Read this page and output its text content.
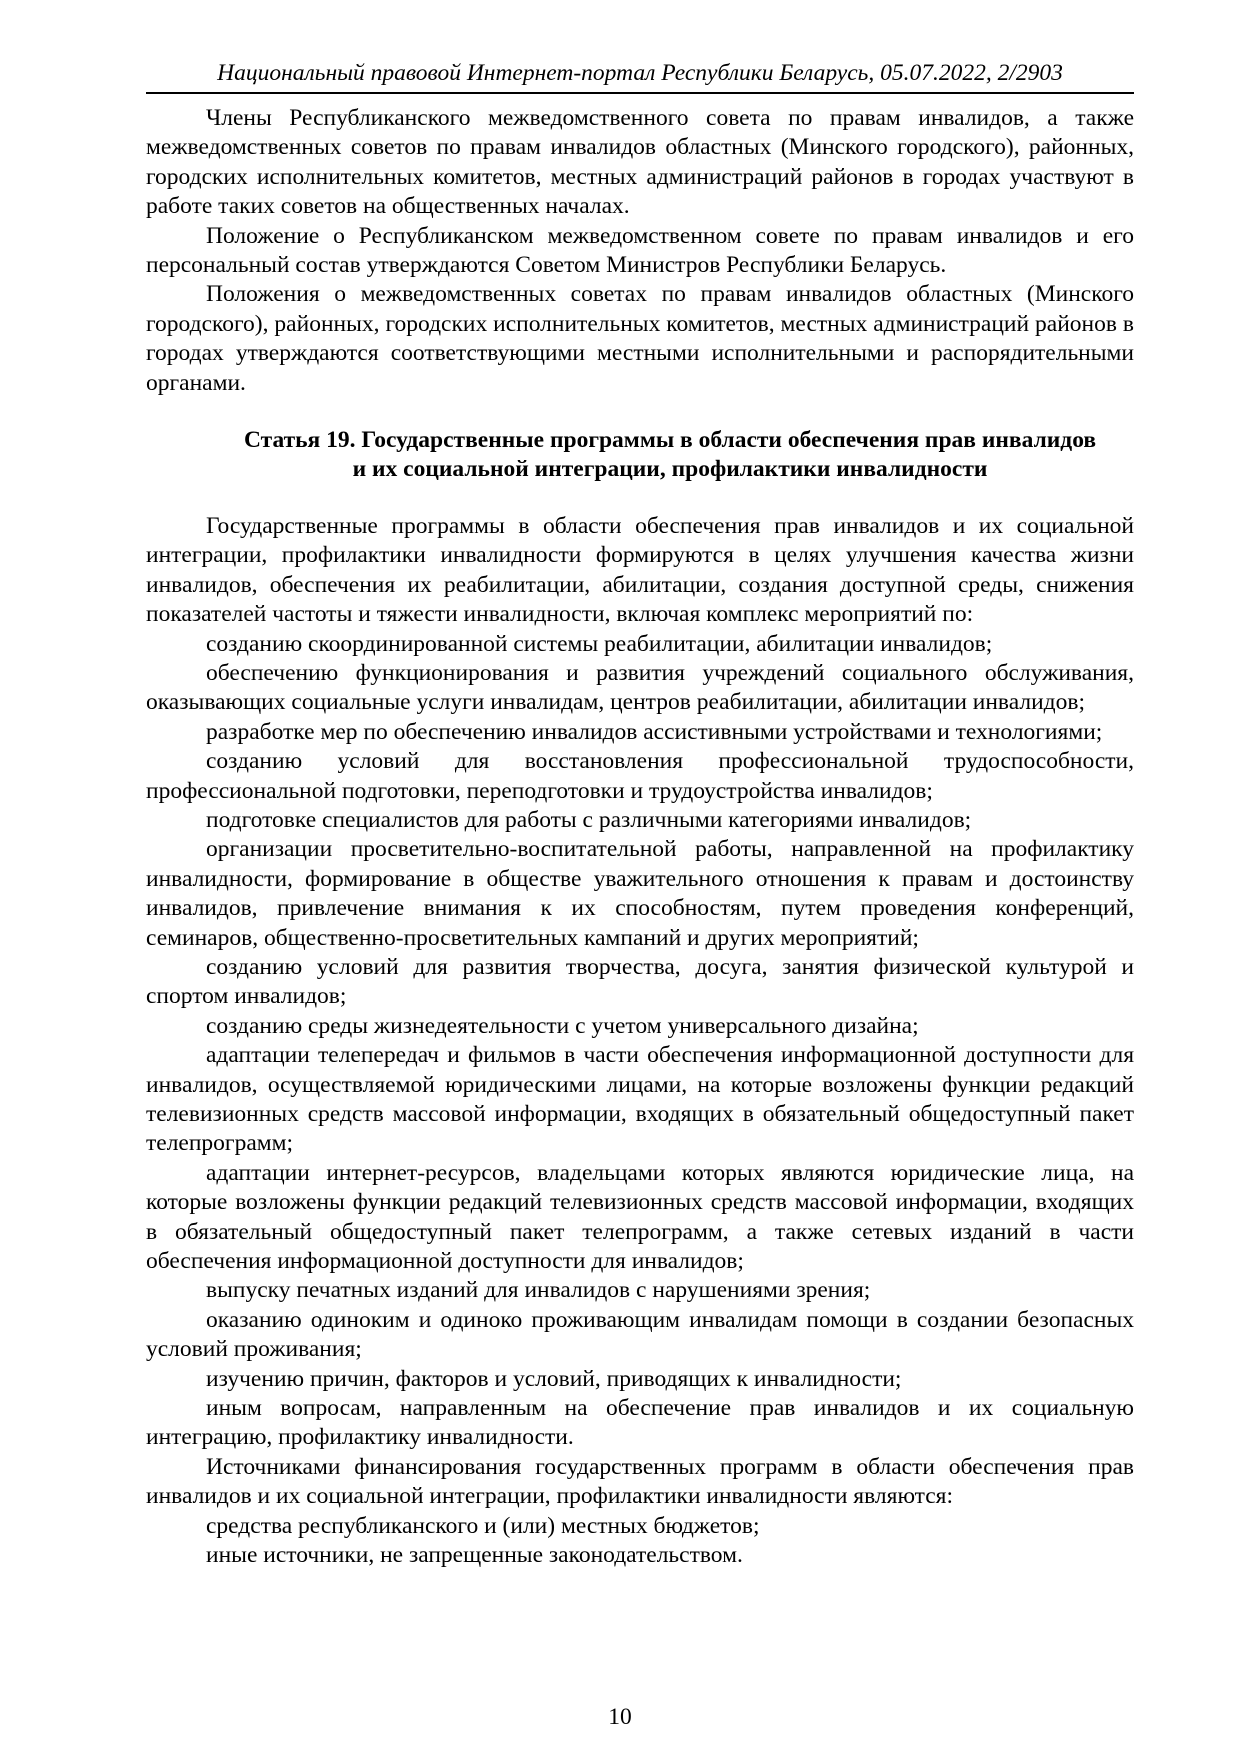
Национальный правовой Интернет-портал Республики Беларусь, 05.07.2022, 2/2903

Члены Республиканского межведомственного совета по правам инвалидов, а также межведомственных советов по правам инвалидов областных (Минского городского), районных, городских исполнительных комитетов, местных администраций районов в городах участвуют в работе таких советов на общественных началах.

Положение о Республиканском межведомственном совете по правам инвалидов и его персональный состав утверждаются Советом Министров Республики Беларусь.

Положения о межведомственных советах по правам инвалидов областных (Минского городского), районных, городских исполнительных комитетов, местных администраций районов в городах утверждаются соответствующими местными исполнительными и распорядительными органами.

Статья 19. Государственные программы в области обеспечения прав инвалидов
и их социальной интеграции, профилактики инвалидности

Государственные программы в области обеспечения прав инвалидов и их социальной интеграции, профилактики инвалидности формируются в целях улучшения качества жизни инвалидов, обеспечения их реабилитации, абилитации, создания доступной среды, снижения показателей частоты и тяжести инвалидности, включая комплекс мероприятий по:

созданию скоординированной системы реабилитации, абилитации инвалидов;

обеспечению функционирования и развития учреждений социального обслуживания, оказывающих социальные услуги инвалидам, центров реабилитации, абилитации инвалидов;

разработке мер по обеспечению инвалидов ассистивными устройствами и технологиями;

созданию условий для восстановления профессиональной трудоспособности, профессиональной подготовки, переподготовки и трудоустройства инвалидов;

подготовке специалистов для работы с различными категориями инвалидов;

организации просветительно-воспитательной работы, направленной на профилактику инвалидности, формирование в обществе уважительного отношения к правам и достоинству инвалидов, привлечение внимания к их способностям, путем проведения конференций, семинаров, общественно-просветительных кампаний и других мероприятий;

созданию условий для развития творчества, досуга, занятия физической культурой и спортом инвалидов;

созданию среды жизнедеятельности с учетом универсального дизайна;

адаптации телепередач и фильмов в части обеспечения информационной доступности для инвалидов, осуществляемой юридическими лицами, на которые возложены функции редакций телевизионных средств массовой информации, входящих в обязательный общедоступный пакет телепрограмм;

адаптации интернет-ресурсов, владельцами которых являются юридические лица, на которые возложены функции редакций телевизионных средств массовой информации, входящих в обязательный общедоступный пакет телепрограмм, а также сетевых изданий в части обеспечения информационной доступности для инвалидов;

выпуску печатных изданий для инвалидов с нарушениями зрения;

оказанию одиноким и одиноко проживающим инвалидам помощи в создании безопасных условий проживания;

изучению причин, факторов и условий, приводящих к инвалидности;

иным вопросам, направленным на обеспечение прав инвалидов и их социальную интеграцию, профилактику инвалидности.

Источниками финансирования государственных программ в области обеспечения прав инвалидов и их социальной интеграции, профилактики инвалидности являются:

средства республиканского и (или) местных бюджетов;

иные источники, не запрещенные законодательством.

10
